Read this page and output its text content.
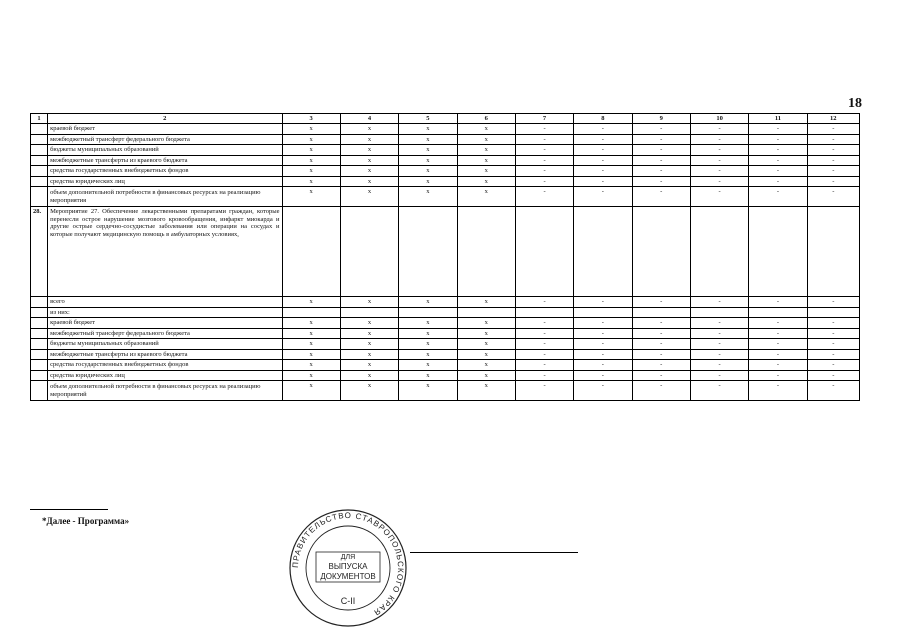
18
1	2	3	4	5	6	7	8	9	10	11	12
	краевой бюджет	x	x	x	x	-	-	-	-	-	-
	межбюджетный трансферт федерального бюджета	x	x	x	x	-	-	-	-	-	-
	бюджеты муниципальных образований	x	x	x	x	-	-	-	-	-	-
	межбюджетные трансферты из краевого бюджета	x	x	x	x	-	-	-	-	-	-
	средства государственных внебюджетных фондов	x	x	x	x	-	-	-	-	-	-
	средства юридических лиц	x	x	x	x	-	-	-	-	-	-
	объем дополнительной потребности в финансовых ресурсах на реализацию мероприятия	x	x	x	x	-	-	-	-	-	-
28.	Мероприятие 27. Обеспечение лекарственными препаратами граждан, которые перенесли острое нарушение мозгового кровообращения, инфаркт миокарда и другие острые сердечно-сосудистые заболевания или операции на сосудах и которые получают медицинскую помощь в амбулаторных условиях,										
	всего	x	x	x	x	-	-	-	-	-	-
	из них:										
	краевой бюджет	x	x	x	x	-	-	-	-	-	-
	межбюджетный трансферт федерального бюджета	x	x	x	x	-	-	-	-	-	-
	бюджеты муниципальных образований	x	x	x	x	-	-	-	-	-	-
	межбюджетные трансферты из краевого бюджета	x	x	x	x	-	-	-	-	-	-
	средства государственных внебюджетных фондов	x	x	x	x	-	-	-	-	-	-
	средства юридических лиц	x	x	x	x	-	-	-	-	-	-
	объем дополнительной потребности в финансовых ресурсах на реализацию мероприятий	x	x	x	x	-	-	-	-	-	-
*Далее - Программа»
ПРАВИТЕЛЬСТВО СТАВРОПОЛЬСКОГО КРАЯ
ДЛЯ
ВЫПУСКА
ДОКУМЕНТОВ
С-II
